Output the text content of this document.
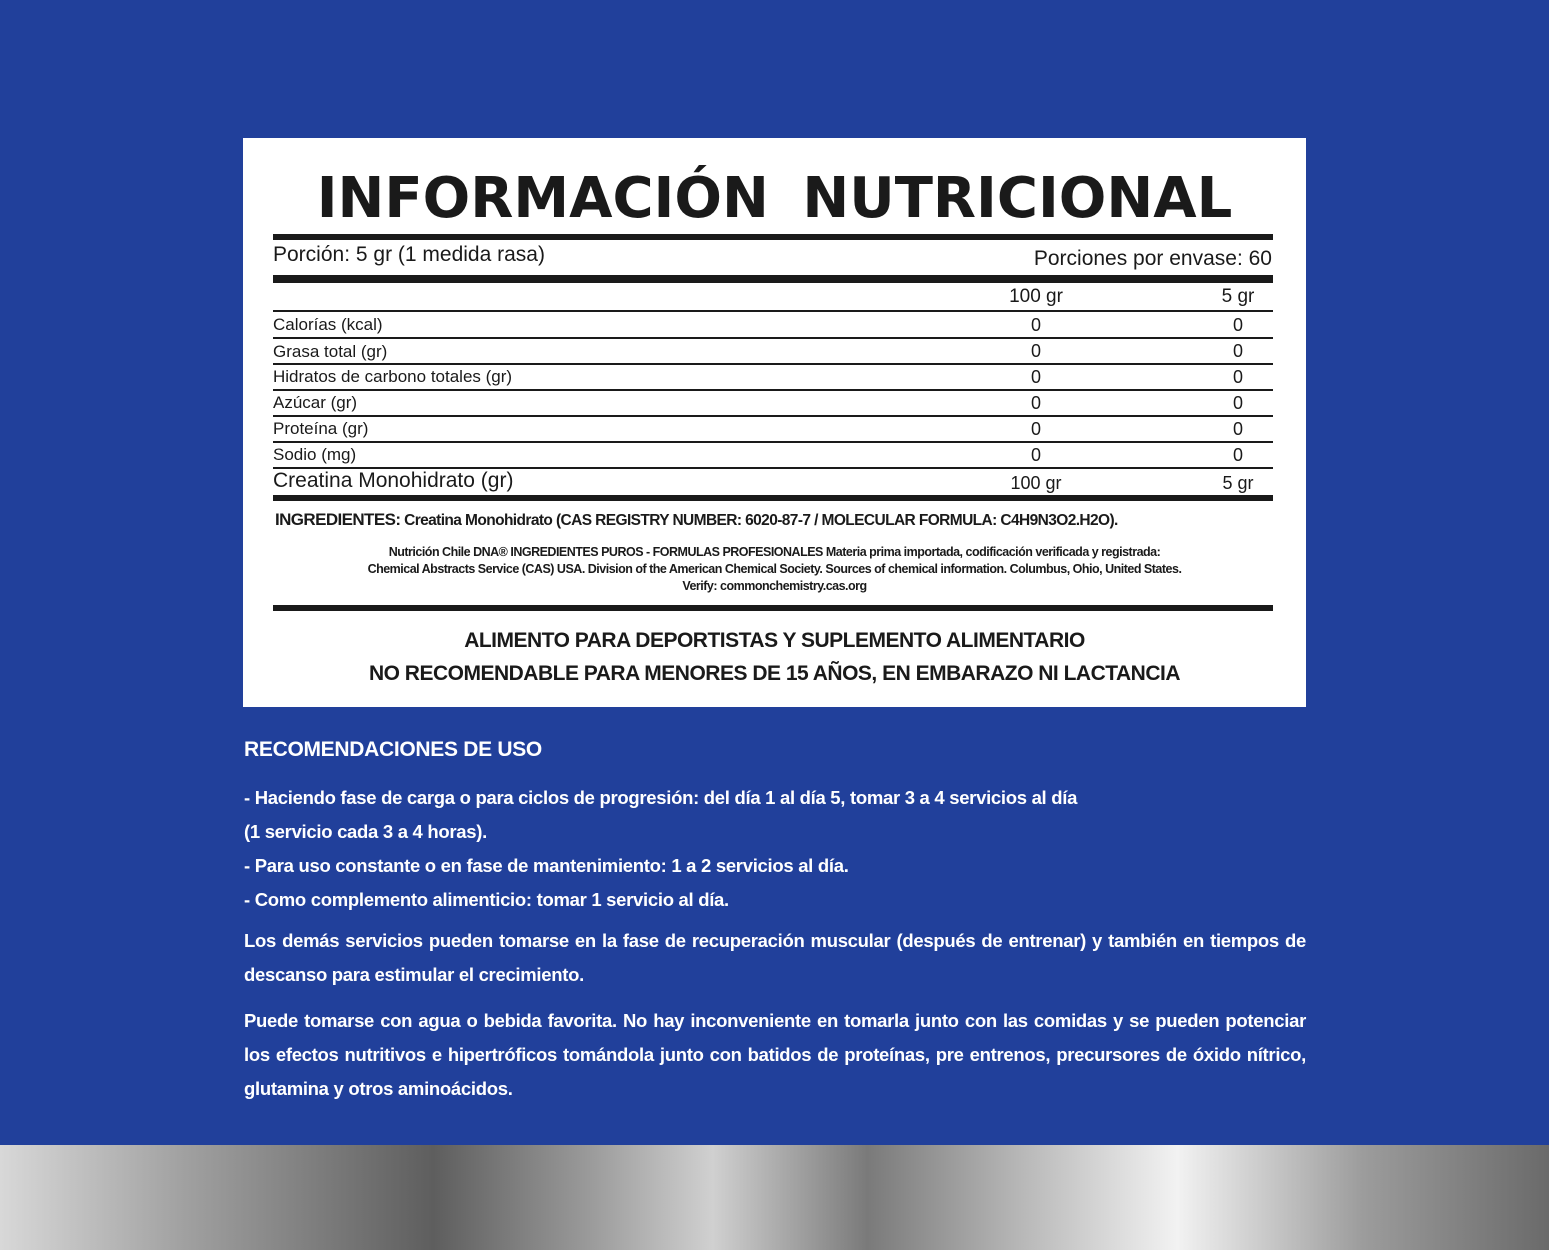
INFORMACIÓN NUTRICIONAL
Porción: 5 gr (1 medida rasa)	Porciones por envase: 60
100 gr	5 gr
Calorías (kcal)	0	0
Grasa total (gr)	0	0
Hidratos de carbono totales (gr)	0	0
Azúcar (gr)	0	0
Proteína (gr)	0	0
Sodio (mg)	0	0
Creatina Monohidrato (gr)	100 gr	5 gr
INGREDIENTES: Creatina Monohidrato (CAS REGISTRY NUMBER: 6020-87-7 / MOLECULAR FORMULA: C4H9N3O2.H2O).
Nutrición Chile DNA® INGREDIENTES PUROS - FORMULAS PROFESIONALES Materia prima importada, codificación verificada y registrada:
Chemical Abstracts Service (CAS) USA. Division of the American Chemical Society. Sources of chemical information. Columbus, Ohio, United States.
Verify: commonchemistry.cas.org
ALIMENTO PARA DEPORTISTAS Y SUPLEMENTO ALIMENTARIO
NO RECOMENDABLE PARA MENORES DE 15 AÑOS, EN EMBARAZO NI LACTANCIA
RECOMENDACIONES DE USO
- Haciendo fase de carga o para ciclos de progresión: del día 1 al día 5, tomar 3 a 4 servicios al día
(1 servicio cada 3 a 4 horas).
- Para uso constante o en fase de mantenimiento: 1 a 2 servicios al día.
- Como complemento alimenticio: tomar 1 servicio al día.
Los demás servicios pueden tomarse en la fase de recuperación muscular (después de entrenar) y también en tiempos de descanso para estimular el crecimiento.
Puede tomarse con agua o bebida favorita. No hay inconveniente en tomarla junto con las comidas y se pueden potenciar los efectos nutritivos e hipertróficos tomándola junto con batidos de proteínas, pre entrenos, precursores de óxido nítrico, glutamina y otros aminoácidos.
